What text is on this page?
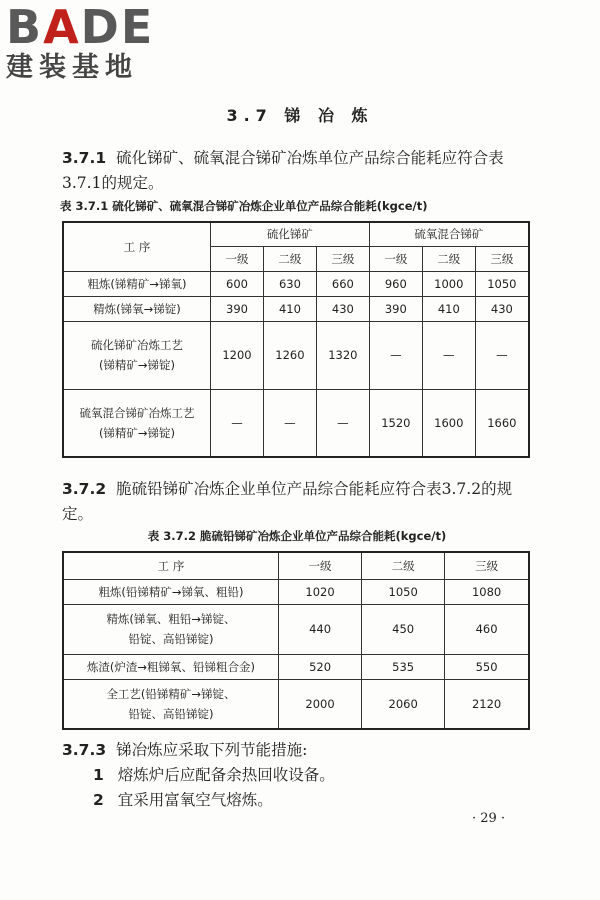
BADE
建装基地
3.7 锑 冶 炼
3.7.1 硫化锑矿、硫氧混合锑矿冶炼单位产品综合能耗应符合表3.7.1的规定。
表 3.7.1 硫化锑矿、硫氧混合锑矿冶炼企业单位产品综合能耗(kgce/t)
工 序	硫化锑矿			硫氧混合锑矿		
	一级	二级	三级	一级	二级	三级
粗炼(锑精矿→锑氧)	600	630	660	960	1000	1050
精炼(锑氧→锑锭)	390	410	430	390	410	430

硫化锑矿冶炼工艺
(锑精矿→锑锭)	1200	1260	1320	—	—	—

硫氧混合锑矿冶炼工艺
(锑精矿→锑锭)	—	—	—	1520	1600	1660
3.7.2 脆硫铅锑矿冶炼企业单位产品综合能耗应符合表3.7.2的规定。
表 3.7.2 脆硫铅锑矿冶炼企业单位产品综合能耗(kgce/t)
工 序	一级	二级	三级
粗炼(铅锑精矿→锑氧、粗铅)	1020	1050	1080

精炼(锑氧、粗铅→锑锭、
铅锭、高铅锑锭)	440	450	460
炼渣(炉渣→粗锑氧、铅锑粗合金)	520	535	550

全工艺(铅锑精矿→锑锭、
铅锭、高铅锑锭)	2000	2060	2120
3.7.3 锑冶炼应采取下列节能措施:
1 熔炼炉后应配备余热回收设备。
2 宜采用富氧空气熔炼。
· 29 ·
